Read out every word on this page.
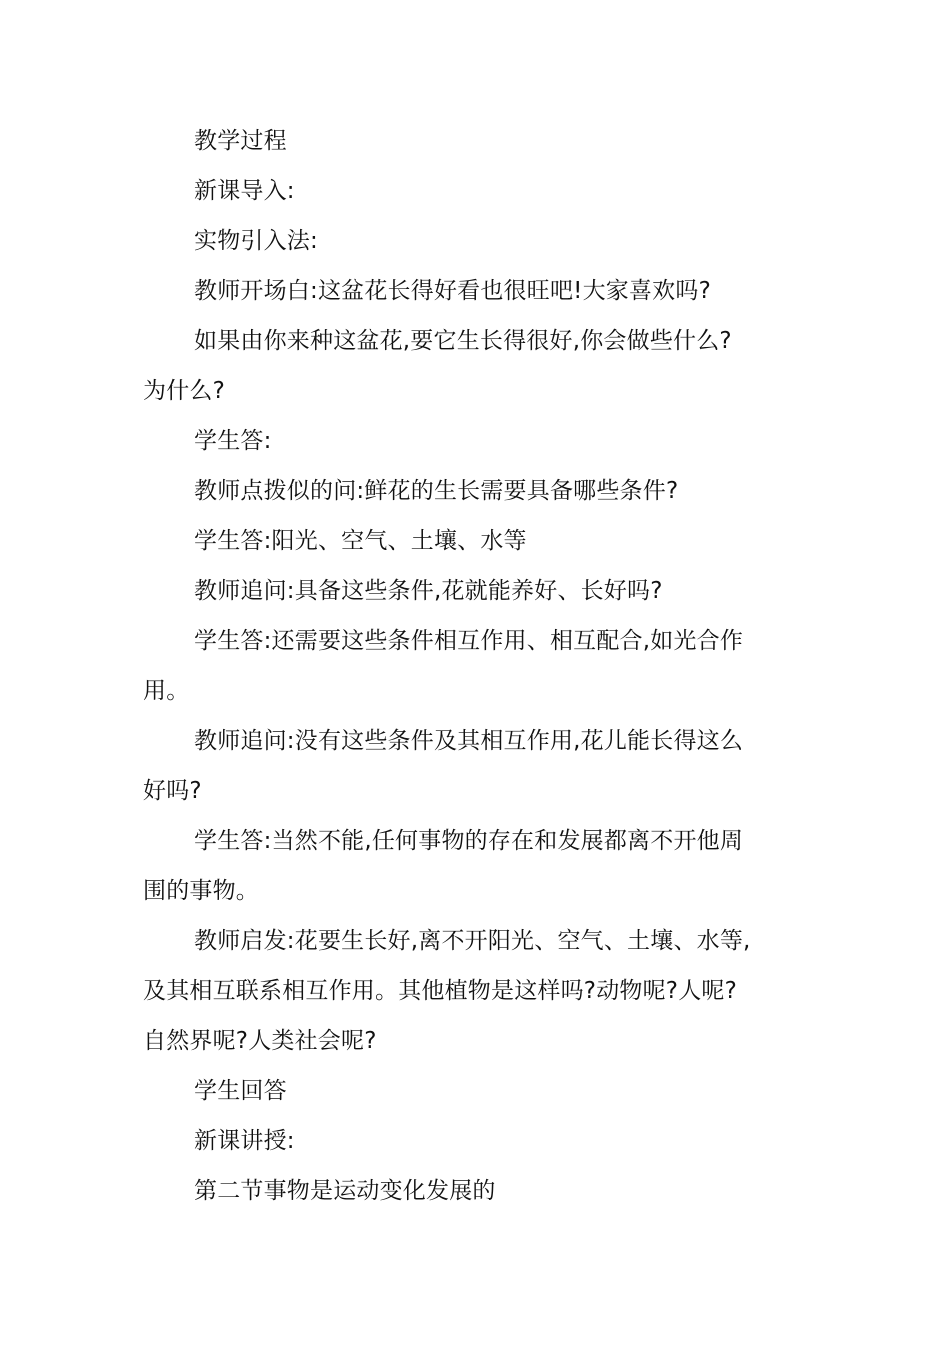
教学过程

新课导入:

实物引入法:

教师开场白:这盆花长得好看也很旺吧!大家喜欢吗?

如果由你来种这盆花,要它生长得很好,你会做些什么?为什么?

学生答:

教师点拨似的问:鲜花的生长需要具备哪些条件?

学生答:阳光、空气、土壤、水等

教师追问:具备这些条件,花就能养好、长好吗?

学生答:还需要这些条件相互作用、相互配合,如光合作用。

教师追问:没有这些条件及其相互作用,花儿能长得这么好吗?

学生答:当然不能,任何事物的存在和发展都离不开他周围的事物。

教师启发:花要生长好,离不开阳光、空气、土壤、水等,及其相互联系相互作用。其他植物是这样吗?动物呢?人呢?自然界呢?人类社会呢?

学生回答

新课讲授:

第二节事物是运动变化发展的
